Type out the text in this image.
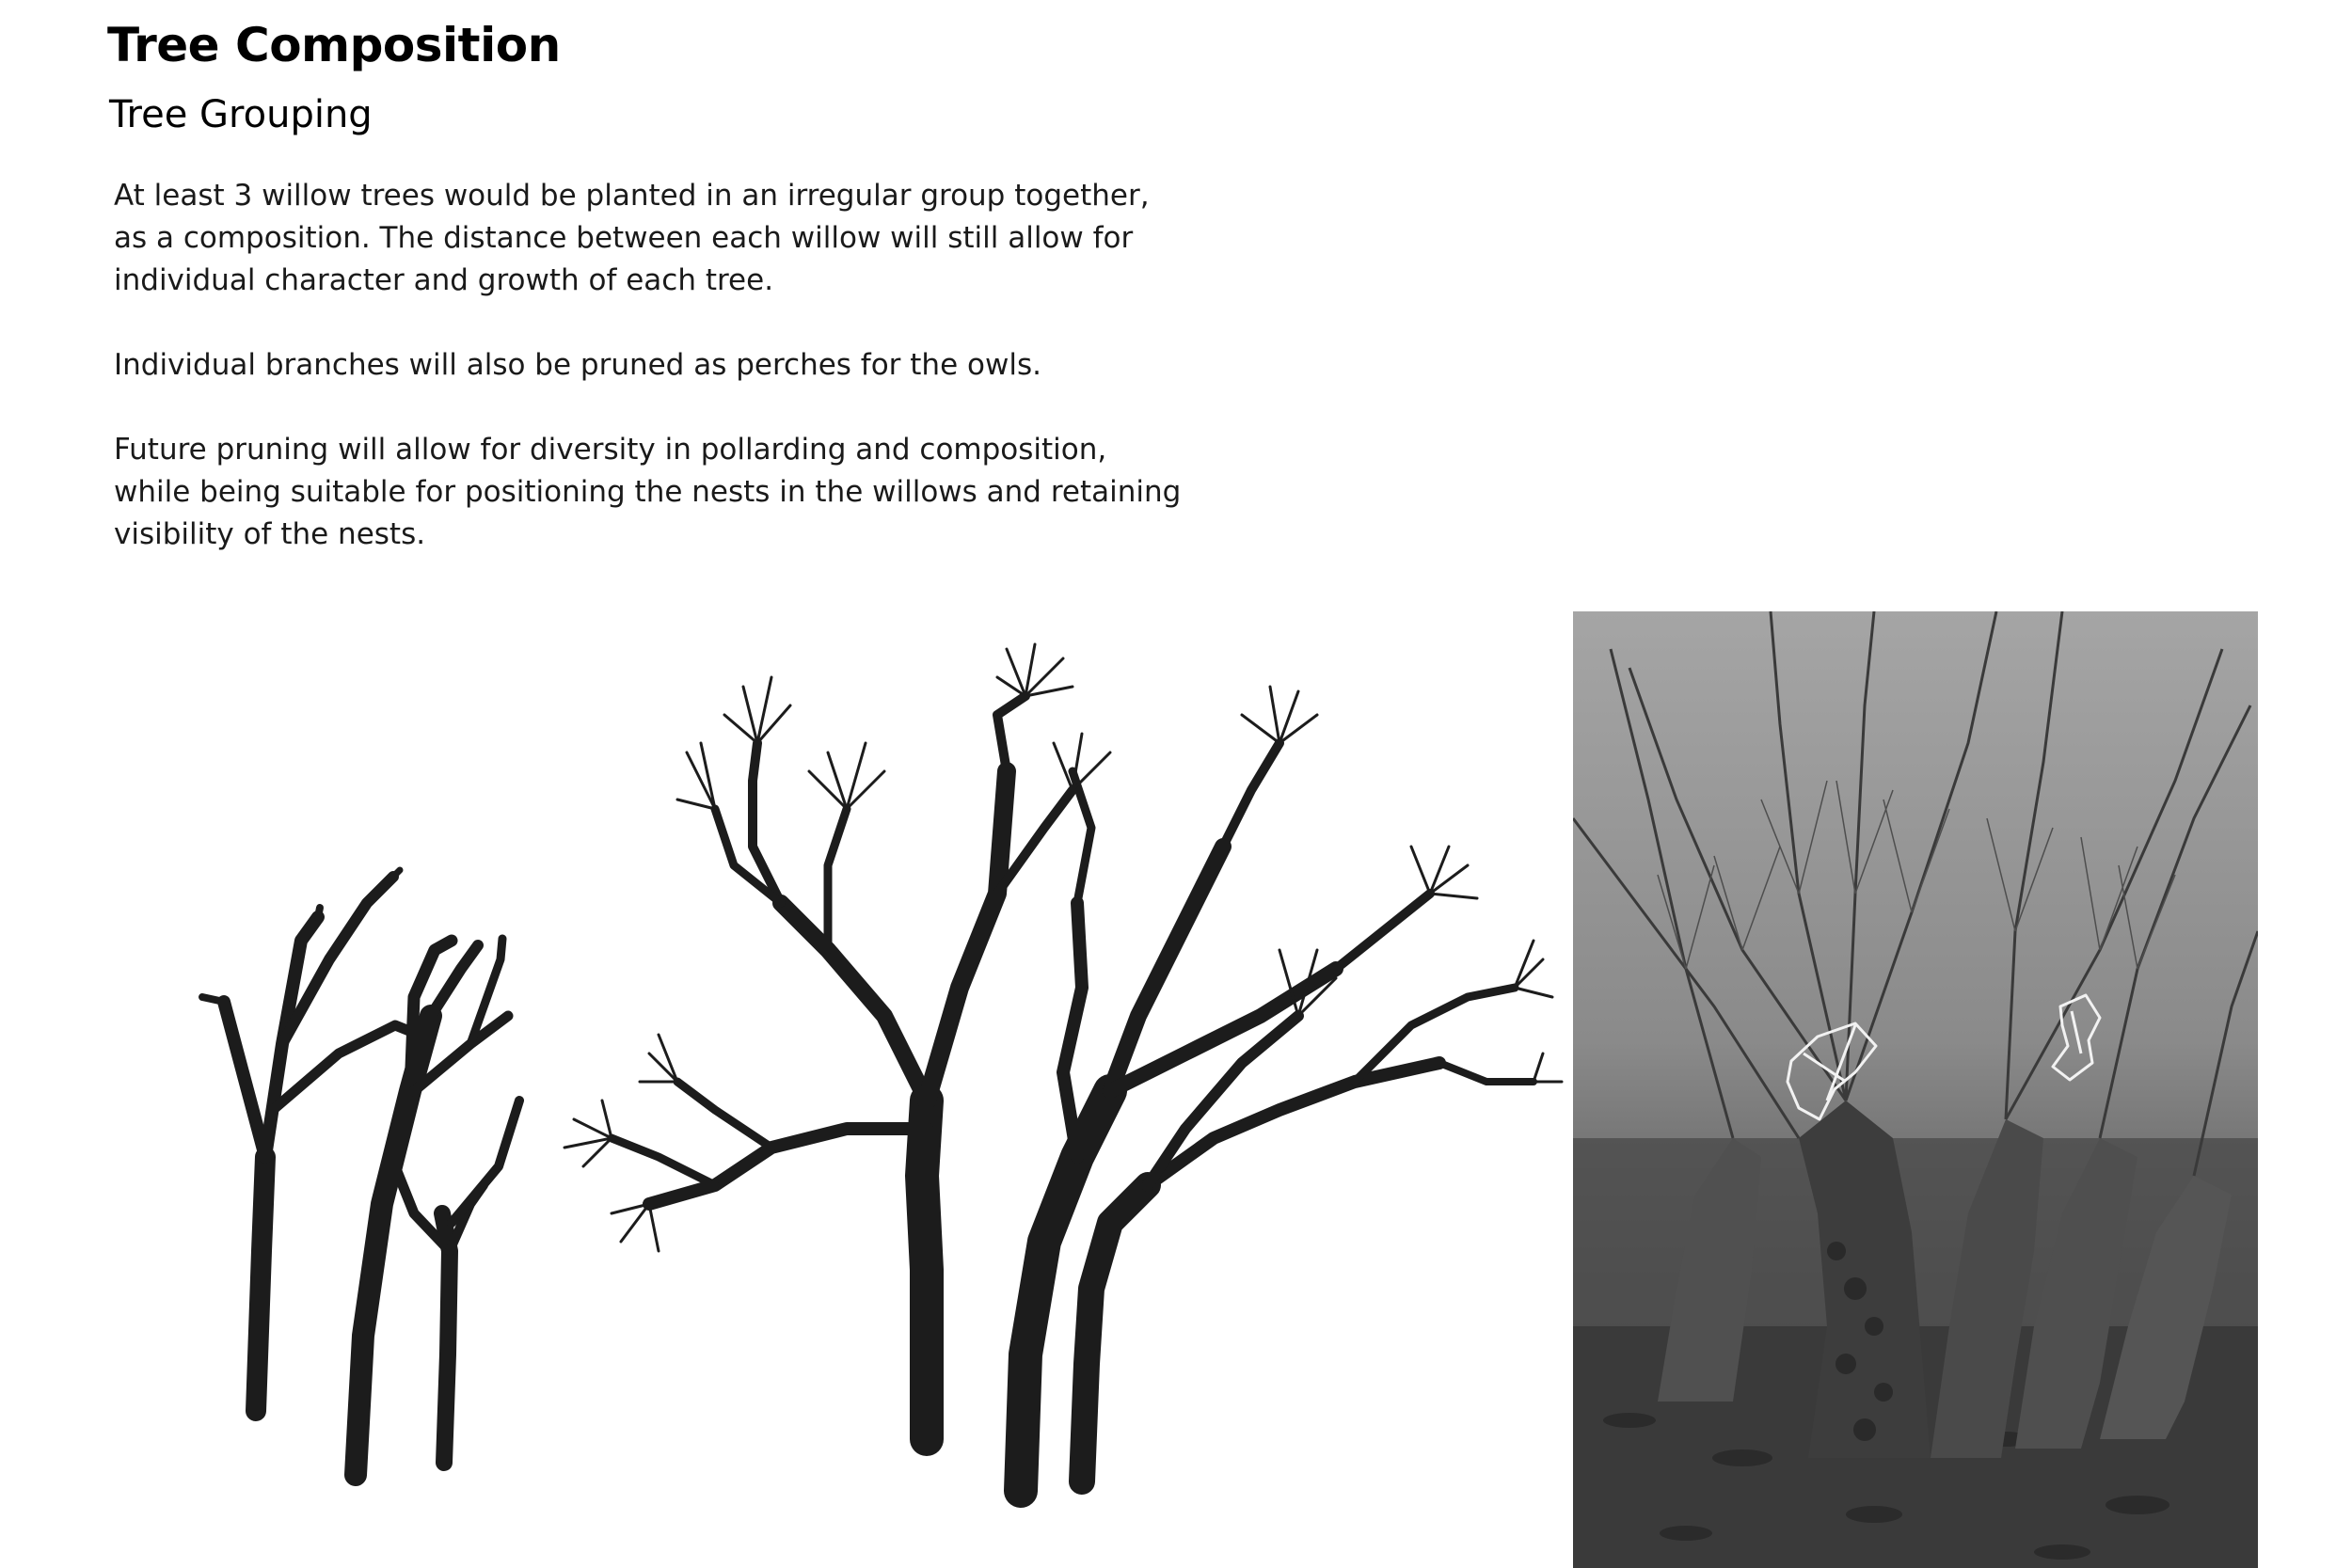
Tree Composition
Tree Grouping

At least 3 willow trees would be planted in an irregular group together,
as a composition. The distance between each willow will still allow for
individual character and growth of each tree.

Individual branches will also be pruned as perches for the owls.

Future pruning will allow for diversity in pollarding and composition,
while being suitable for positioning the nests in the willows and retaining
visibility of the nests.
